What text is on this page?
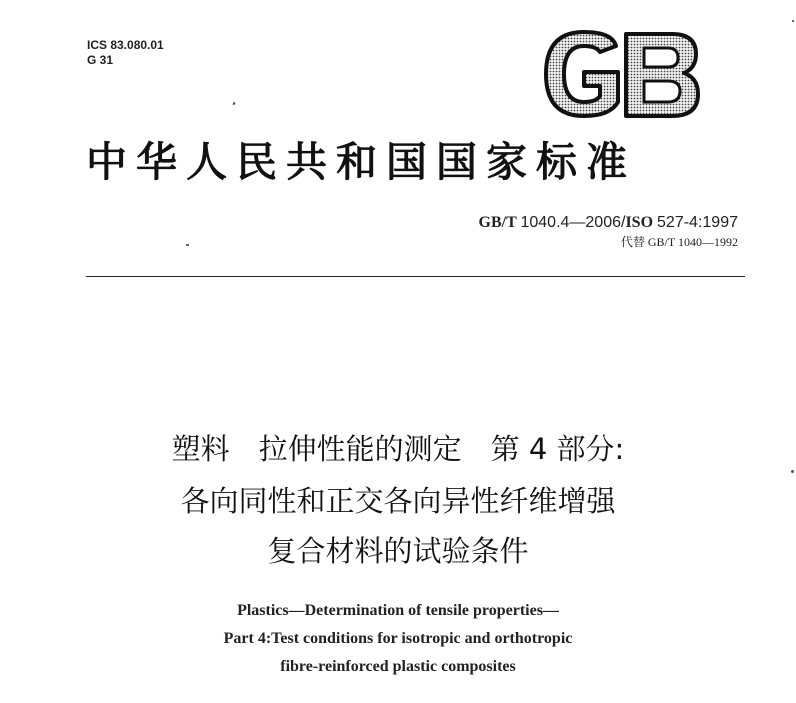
ICS 83.080.01
G 31
中华人民共和国国家标准
GB/T 1040.4—2006/ISO 527-4:1997
代替 GB/T 1040—1992
塑料　拉伸性能的测定　第 4 部分:
各向同性和正交各向异性纤维增强
复合材料的试验条件
Plastics—Determination of tensile properties—
Part 4:Test conditions for isotropic and orthotropic
fibre-reinforced plastic composites
